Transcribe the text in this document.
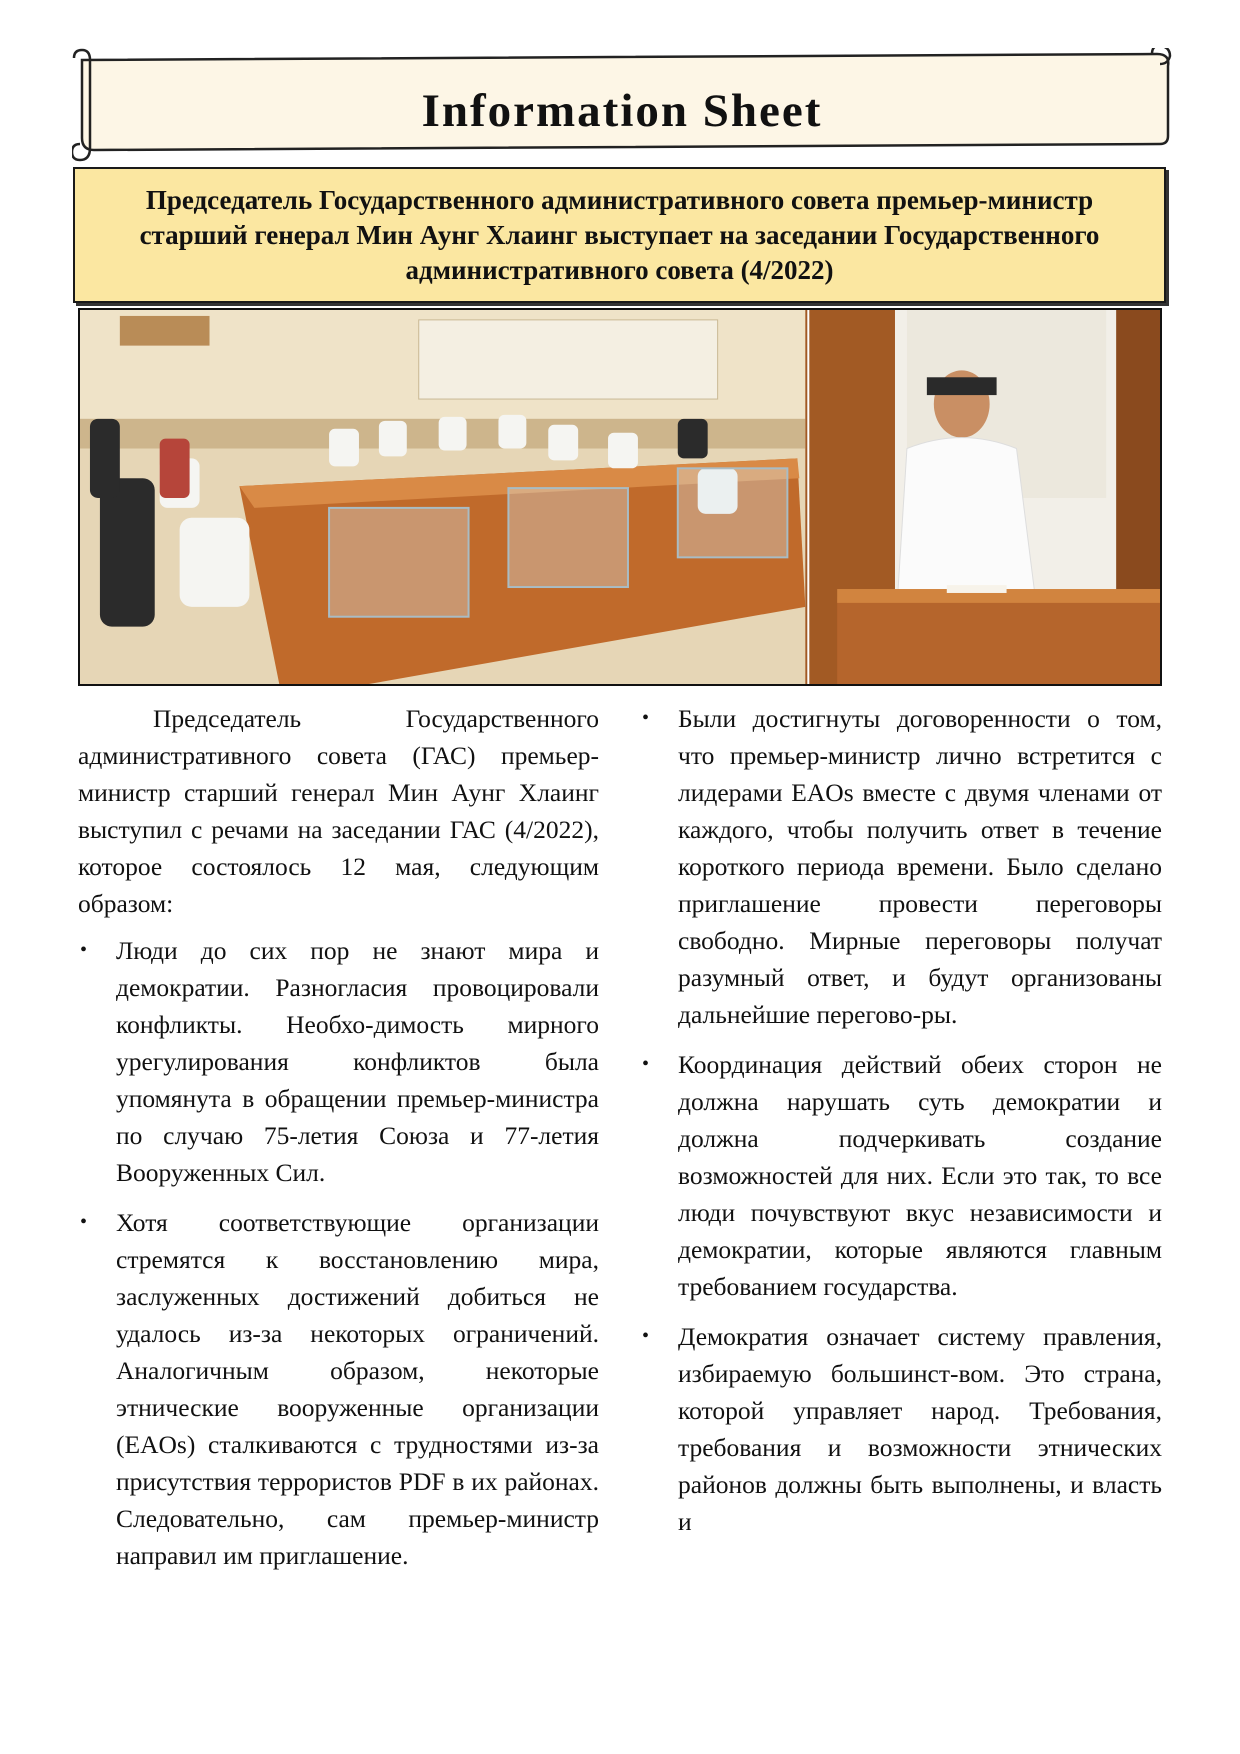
Information Sheet
Председатель Государственного административного совета премьер-министр старший генерал Мин Аунг Хлаинг выступает на заседании Государственного административного совета (4/2022)

Председатель Государственного административного совета (ГАС) премьер-министр старший генерал Мин Аунг Хлаинг выступил с речами на заседании ГАС (4/2022), которое состоялось 12 мая, следующим образом:

• Люди до сих пор не знают мира и демократии. Разногласия провоцировали конфликты. Необхо-димость мирного урегулирования конфликтов была упомянута в обращении премьер-министра по случаю 75-летия Союза и 77-летия Вооруженных Сил.
• Хотя соответствующие организации стремятся к восстановлению мира, заслуженных достижений добиться не удалось из-за некоторых ограничений. Аналогичным образом, некоторые этнические вооруженные организации (EAOs) сталкиваются с трудностями из-за присутствия террористов PDF в их районах. Следовательно, сам премьер-министр направил им приглашение.
• Были достигнуты договоренности о том, что премьер-министр лично встретится с лидерами EAOs вместе с двумя членами от каждого, чтобы получить ответ в течение короткого периода времени. Было сделано приглашение провести переговоры свободно. Мирные переговоры получат разумный ответ, и будут организованы дальнейшие перегово-ры.
• Координация действий обеих сторон не должна нарушать суть демократии и должна подчеркивать создание возможностей для них. Если это так, то все люди почувствуют вкус независимости и демократии, которые являются главным требованием государства.
• Демократия означает систему правления, избираемую большинст-вом. Это страна, которой управляет народ. Требования, требования и возможности этнических районов должны быть выполнены, и власть и
